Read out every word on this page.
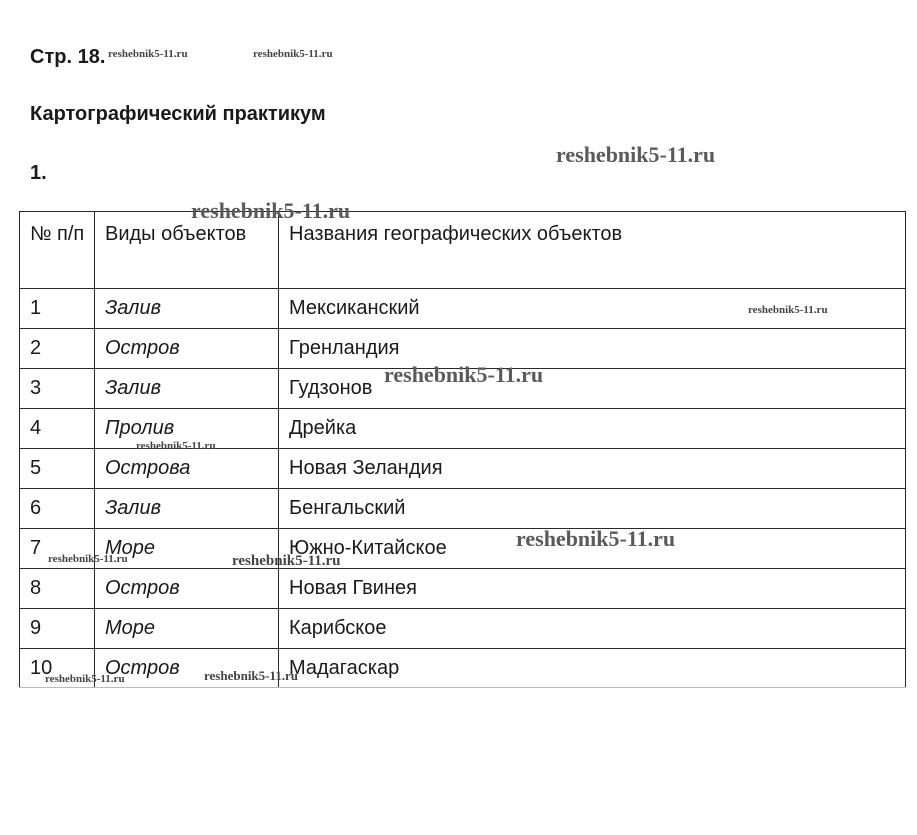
Стр. 18.
Картографический практикум
1.
№ п/п	Виды объектов	Названия географических объектов
1	Залив	Мексиканский
2	Остров	Гренландия
3	Залив	Гудзонов
4	Пролив	Дрейка
5	Острова	Новая Зеландия
6	Залив	Бенгальский
7	Море	Южно-Китайское
8	Остров	Новая Гвинея
9	Море	Карибское
10	Остров	Мадагаскар
reshebnik5-11.ru	reshebnik5-11.ru
reshebnik5-11.ru
reshebnik5-11.ru
reshebnik5-11.ru
reshebnik5-11.ru
reshebnik5-11.ru
reshebnik5-11.ru
reshebnik5-11.ru	reshebnik5-11.ru
reshebnik5-11.ru	reshebnik5-11.ru
